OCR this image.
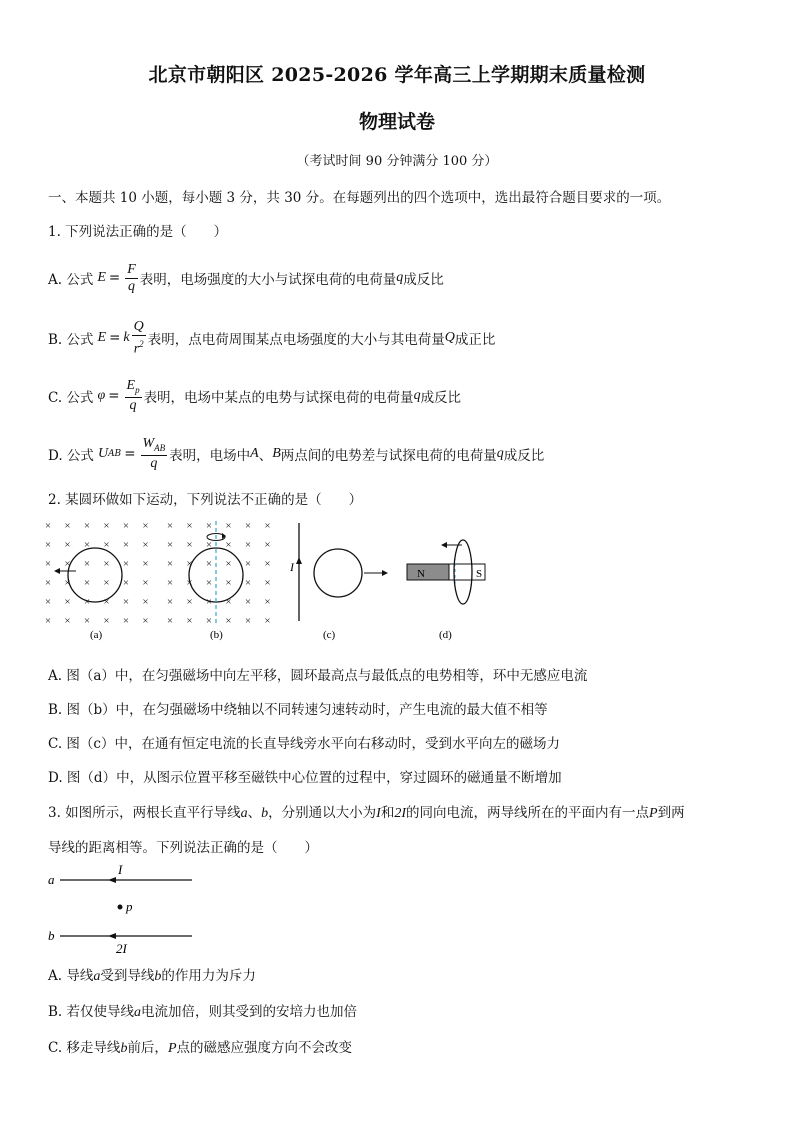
北京市朝阳区 2025-2026 学年高三上学期期末质量检测
物理试卷
（考试时间 90 分钟满分 100 分）
一、本题共 10 小题，每小题 3 分，共 30 分。在每题列出的四个选项中，选出最符合题目要求的一项。
1. 下列说法正确的是（　　）
A. 公式 $E = \frac{F}{q}$ 表明，电场强度的大小与试探电荷的电荷量 q 成反比
B. 公式 E = k $\frac{Q}{r^2}$ 表明，点电荷周围某点电场强度的大小与其电荷量 Q 成正比
C. 公式 $\varphi = \frac{E_p}{q}$ 表明，电场中某点的电势与试探电荷的电荷量 q 成反比
D. 公式 U AB = $\frac{W_{AB}}{q}$ 表明，电场中 A 、 B 两点间的电势差与试探电荷的电荷量 q 成反比
2. 某圆环做如下运动，下列说法不正确的是（　　）
× × × × × ×
× × × × × ×
× × × × × ×
× × × × × ×
× × × × × ×
× × × × × ×
× × × × × ×
× × × × × ×
× × × × × ×
× × × × × ×
× × × × × ×
× × × × × ×
I	N	S
(a)	(b)	(c)	(d)
A. 图（a）中，在匀强磁场中向左平移，圆环最高点与最低点的电势相等，环中无感应电流
B. 图（b）中，在匀强磁场中绕轴以不同转速匀速转动时，产生电流的最大值不相等
C. 图（c）中，在通有恒定电流的长直导线旁水平向右移动时，受到水平向左的磁场力
D. 图（d）中，从图示位置平移至磁铁中心位置的过程中，穿过圆环的磁通量不断增加
3. 如图所示，两根长直平行导线a、b，分别通以大小为I和2I的同向电流，两导线所在的平面内有一点P到两
导线的距离相等。下列说法正确的是（　　）
a
I
p
b
2I
A. 导线a受到导线b的作用力为斥力
B. 若仅使导线a电流加倍，则其受到的安培力也加倍
C. 移走导线b前后，P点的磁感应强度方向不会改变
